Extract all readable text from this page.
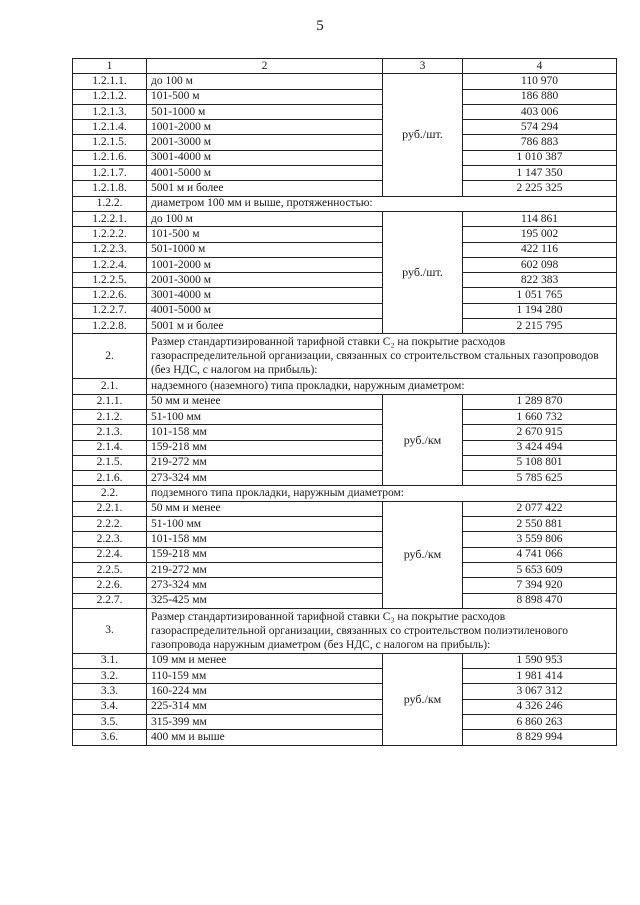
5
1	2	3	4
1.2.1.1.	до 100 м	руб./шт.	110 970
1.2.1.2.	101-500 м		186 880
1.2.1.3.	501-1000 м		403 006
1.2.1.4.	1001-2000 м		574 294
1.2.1.5.	2001-3000 м		786 883
1.2.1.6.	3001-4000 м		1 010 387
1.2.1.7.	4001-5000 м		1 147 350
1.2.1.8.	5001 м и более		2 225 325
1.2.2.	диаметром 100 мм и выше, протяженностью:		
1.2.2.1.	до 100 м	руб./шт.	114 861
1.2.2.2.	101-500 м		195 002
1.2.2.3.	501-1000 м		422 116
1.2.2.4.	1001-2000 м		602 098
1.2.2.5.	2001-3000 м		822 383
1.2.2.6.	3001-4000 м		1 051 765
1.2.2.7.	4001-5000 м		1 194 280
1.2.2.8.	5001 м и более		2 215 795
2.	Размер стандартизированной тарифной ставки С₂ на покрытие расходов газораспределительной организации, связанных со строительством стальных газопроводов (без НДС, с налогом на прибыль):		
2.1.	надземного (наземного) типа прокладки, наружным диаметром:		
2.1.1.	50 мм и менее	руб./км	1 289 870
2.1.2.	51-100 мм		1 660 732
2.1.3.	101-158 мм		2 670 915
2.1.4.	159-218 мм		3 424 494
2.1.5.	219-272 мм		5 108 801
2.1.6.	273-324 мм		5 785 625
2.2.	подземного типа прокладки, наружным диаметром:		
2.2.1.	50 мм и менее	руб./км	2 077 422
2.2.2.	51-100 мм		2 550 881
2.2.3.	101-158 мм		3 559 806
2.2.4.	159-218 мм		4 741 066
2.2.5.	219-272 мм		5 653 609
2.2.6.	273-324 мм		7 394 920
2.2.7.	325-425 мм		8 898 470
3.	Размер стандартизированной тарифной ставки С₃ на покрытие расходов газораспределительной организации, связанных со строительством полиэтиленового газопровода наружным диаметром (без НДС, с налогом на прибыль):		
3.1.	109 мм и менее	руб./км	1 590 953
3.2.	110-159 мм		1 981 414
3.3.	160-224 мм		3 067 312
3.4.	225-314 мм		4 326 246
3.5.	315-399 мм		6 860 263
3.6.	400 мм и выше		8 829 994
